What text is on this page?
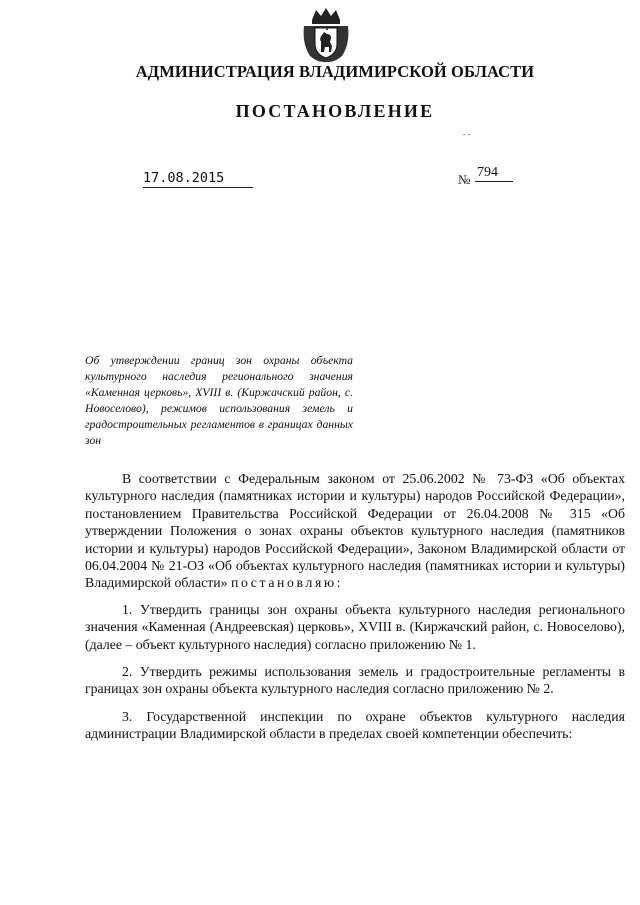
АДМИНИСТРАЦИЯ ВЛАДИМИРСКОЙ ОБЛАСТИ
ПОСТАНОВЛЕНИЕ
- -
17.08.2015	№ 794
Об утверждении границ зон охраны объекта культурного наследия регионального значения «Каменная церковь», XVIII в. (Киржачский район, с. Новоселово), режимов использования земель и градостроительных регламентов в границах данных зон

В соответствии с Федеральным законом от 25.06.2002 № 73-ФЗ «Об объектах культурного наследия (памятниках истории и культуры) народов Российской Федерации», постановлением Правительства Российской Федерации от 26.04.2008 № 315 «Об утверждении Положения о зонах охраны объектов культурного наследия (памятников истории и культуры) народов Российской Федерации», Законом Владимирской области от 06.04.2004 № 21-ОЗ «Об объектах культурного наследия (памятниках истории и культуры) Владимирской области» постановляю:

1. Утвердить границы зон охраны объекта культурного наследия регионального значения «Каменная (Андреевская) церковь», XVIII в. (Киржачский район, с. Новоселово), (далее – объект культурного наследия) согласно приложению № 1.

2. Утвердить режимы использования земель и градостроительные регламенты в границах зон охраны объекта культурного наследия согласно приложению № 2.

3. Государственной инспекции по охране объектов культурного наследия администрации Владимирской области в пределах своей компетенции обеспечить:
